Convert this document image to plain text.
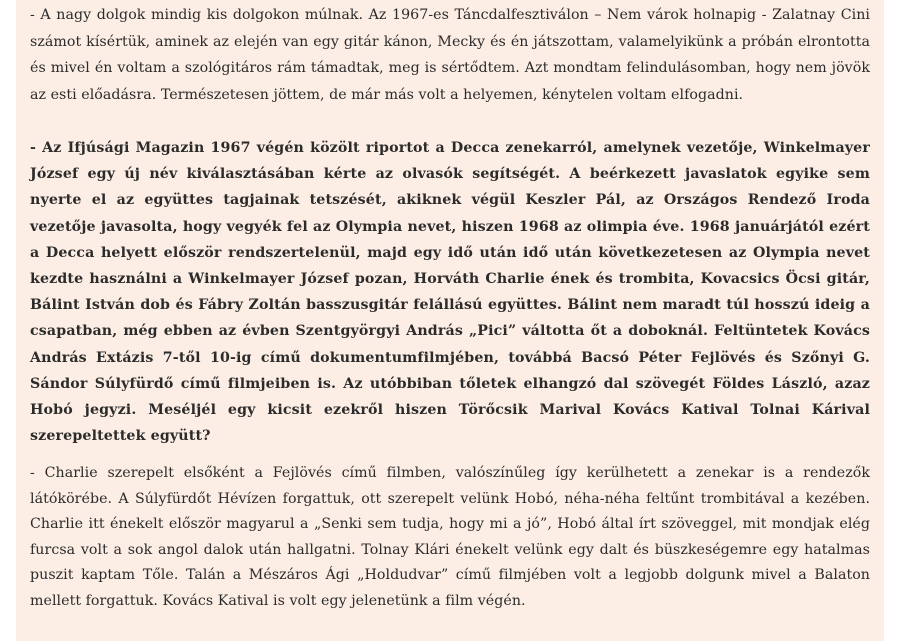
- A nagy dolgok mindig kis dolgokon múlnak. Az 1967-es Táncdalfesztiválon – Nem várok holnapig - Zalatnay Cini számot kísértük, aminek az elején van egy gitár kánon, Mecky és én játszottam, valamelyikünk a próbán elrontotta és mivel én voltam a szológitáros rám támadtak, meg is sértődtem. Azt mondtam felindulásomban, hogy nem jövök az esti előadásra. Természetesen jöttem, de már más volt a helyemen, kénytelen voltam elfogadni.

- Az Ifjúsági Magazin 1967 végén közölt riportot a Decca zenekarról, amelynek vezetője, Winkelmayer József egy új név kiválasztásában kérte az olvasók segítségét. A beérkezett javaslatok egyike sem nyerte el az együttes tagjainak tetszését, akiknek végül Keszler Pál, az Országos Rendező Iroda vezetője javasolta, hogy vegyék fel az Olympia nevet, hiszen 1968 az olimpia éve. 1968 januárjától ezért a Decca helyett először rendszertelenül, majd egy idő után idő után következetesen az Olympia nevet kezdte használni a Winkelmayer József pozan, Horváth Charlie ének és trombita, Kovacsics Öcsi gitár, Bálint István dob és Fábry Zoltán basszusgitár felállású együttes. Bálint nem maradt túl hosszú ideig a csapatban, még ebben az évben Szentgyörgyi András „Pici” váltotta őt a doboknál. Feltüntetek Kovács András Extázis 7-től 10-ig című dokumentumfilmjében, továbbá Bacsó Péter Fejlövés és Szőnyi G. Sándor Súlyfürdő című filmjeiben is. Az utóbbiban tőletek elhangzó dal szövegét Földes László, azaz Hobó jegyzi. Meséljél egy kicsit ezekről hiszen Törőcsik Marival Kovács Katival Tolnai Kárival szerepeltettek együtt?

- Charlie szerepelt elsőként a Fejlövés című filmben, valószínűleg így kerülhetett a zenekar is a rendezők látókörébe. A Súlyfürdőt Hévízen forgattuk, ott szerepelt velünk Hobó, néha-néha feltűnt trombitával a kezében. Charlie itt énekelt először magyarul a „Senki sem tudja, hogy mi a jó”, Hobó által írt szöveggel, mit mondjak elég furcsa volt a sok angol dalok után hallgatni. Tolnay Klári énekelt velünk egy dalt és büszkeségemre egy hatalmas puszit kaptam Tőle. Talán a Mészáros Ági „Holdudvar” című filmjében volt a legjobb dolgunk mivel a Balaton mellett forgattuk. Kovács Katival is volt egy jelenetünk a film végén.
